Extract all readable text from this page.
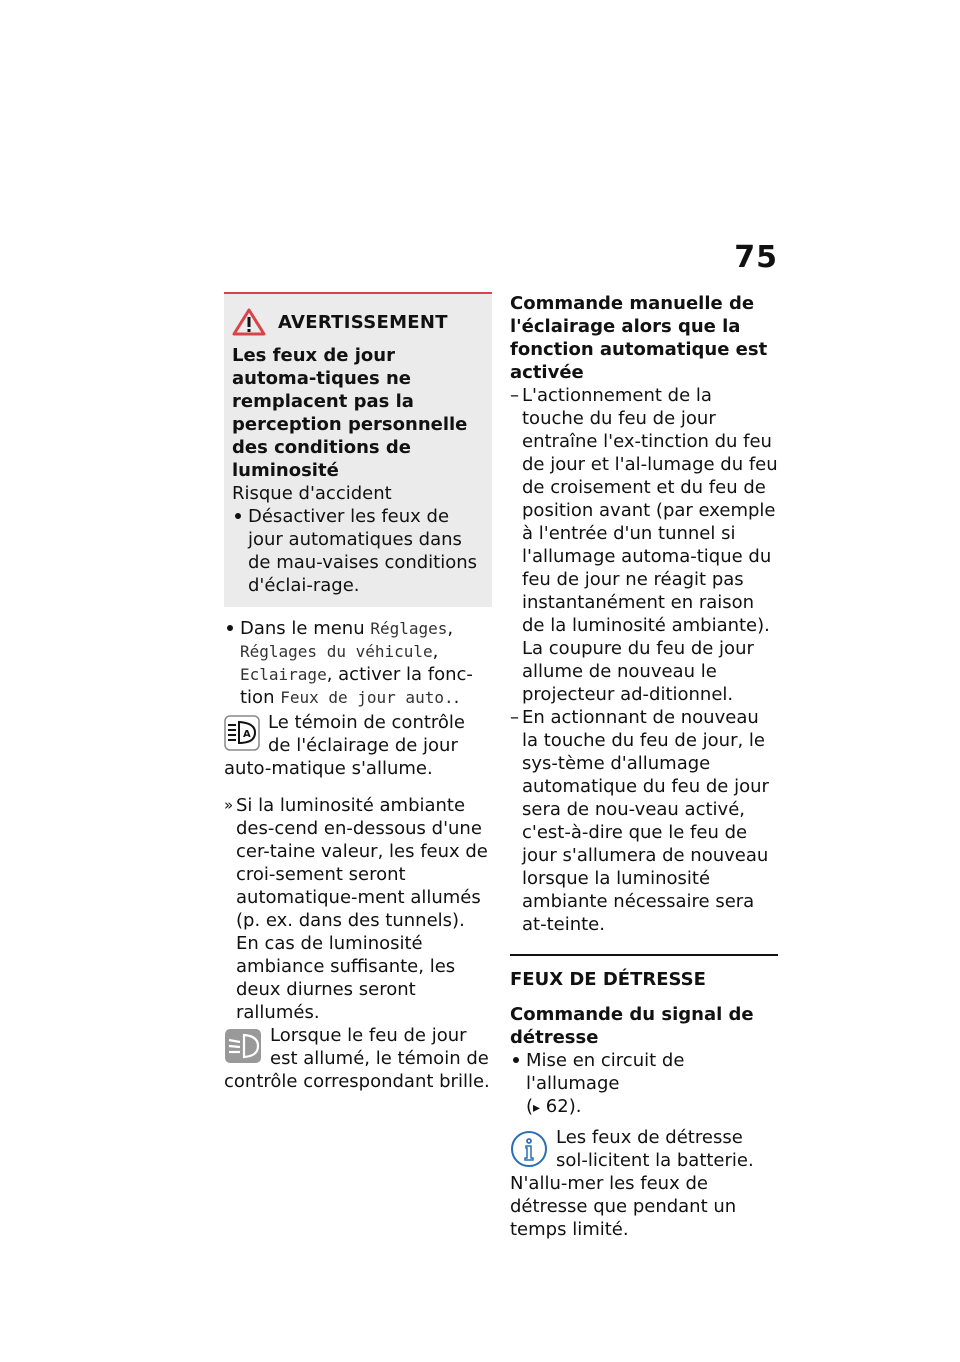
75
AVERTISSEMENT

Les feux de jour automa-tiques ne remplacent pas la perception personnelle des conditions de luminosité

Risque d'accident

Désactiver les feux de jour automatiques dans de mau-vaises conditions d'éclai-rage.

Dans le menu Réglages, Réglages du véhicule, Eclairage, activer la fonc-tion Feux de jour auto..

A

Le témoin de contrôle de l'éclairage de jour auto-matique s'allume.

» Si la luminosité ambiante des-cend en-dessous d'une cer-taine valeur, les feux de croi-sement seront automatique-ment allumés (p. ex. dans des tunnels). En cas de luminosité ambiance suffisante, les deux diurnes seront rallumés.

Lorsque le feu de jour est allumé, le témoin de contrôle correspondant brille.

Commande manuelle de l'éclairage alors que la fonction automatique est activée

– L'actionnement de la touche du feu de jour entraîne l'ex-tinction du feu de jour et l'al-lumage du feu de croisement et du feu de position avant (par exemple à l'entrée d'un tunnel si l'allumage automa-tique du feu de jour ne réagit pas instantanément en raison de la luminosité ambiante). La coupure du feu de jour allume de nouveau le projecteur ad-ditionnel.

– En actionnant de nouveau la touche du feu de jour, le sys-tème d'allumage automatique du feu de jour sera de nou-veau activé, c'est-à-dire que le feu de jour s'allumera de nouveau lorsque la luminosité ambiante nécessaire sera at-teinte.

FEUX DE DÉTRESSE

Commande du signal de détresse

Mise en circuit de l'allumage
(▸ 62).

Les feux de détresse sol-licitent la batterie. N'allu-mer les feux de détresse que pendant un temps limité.
